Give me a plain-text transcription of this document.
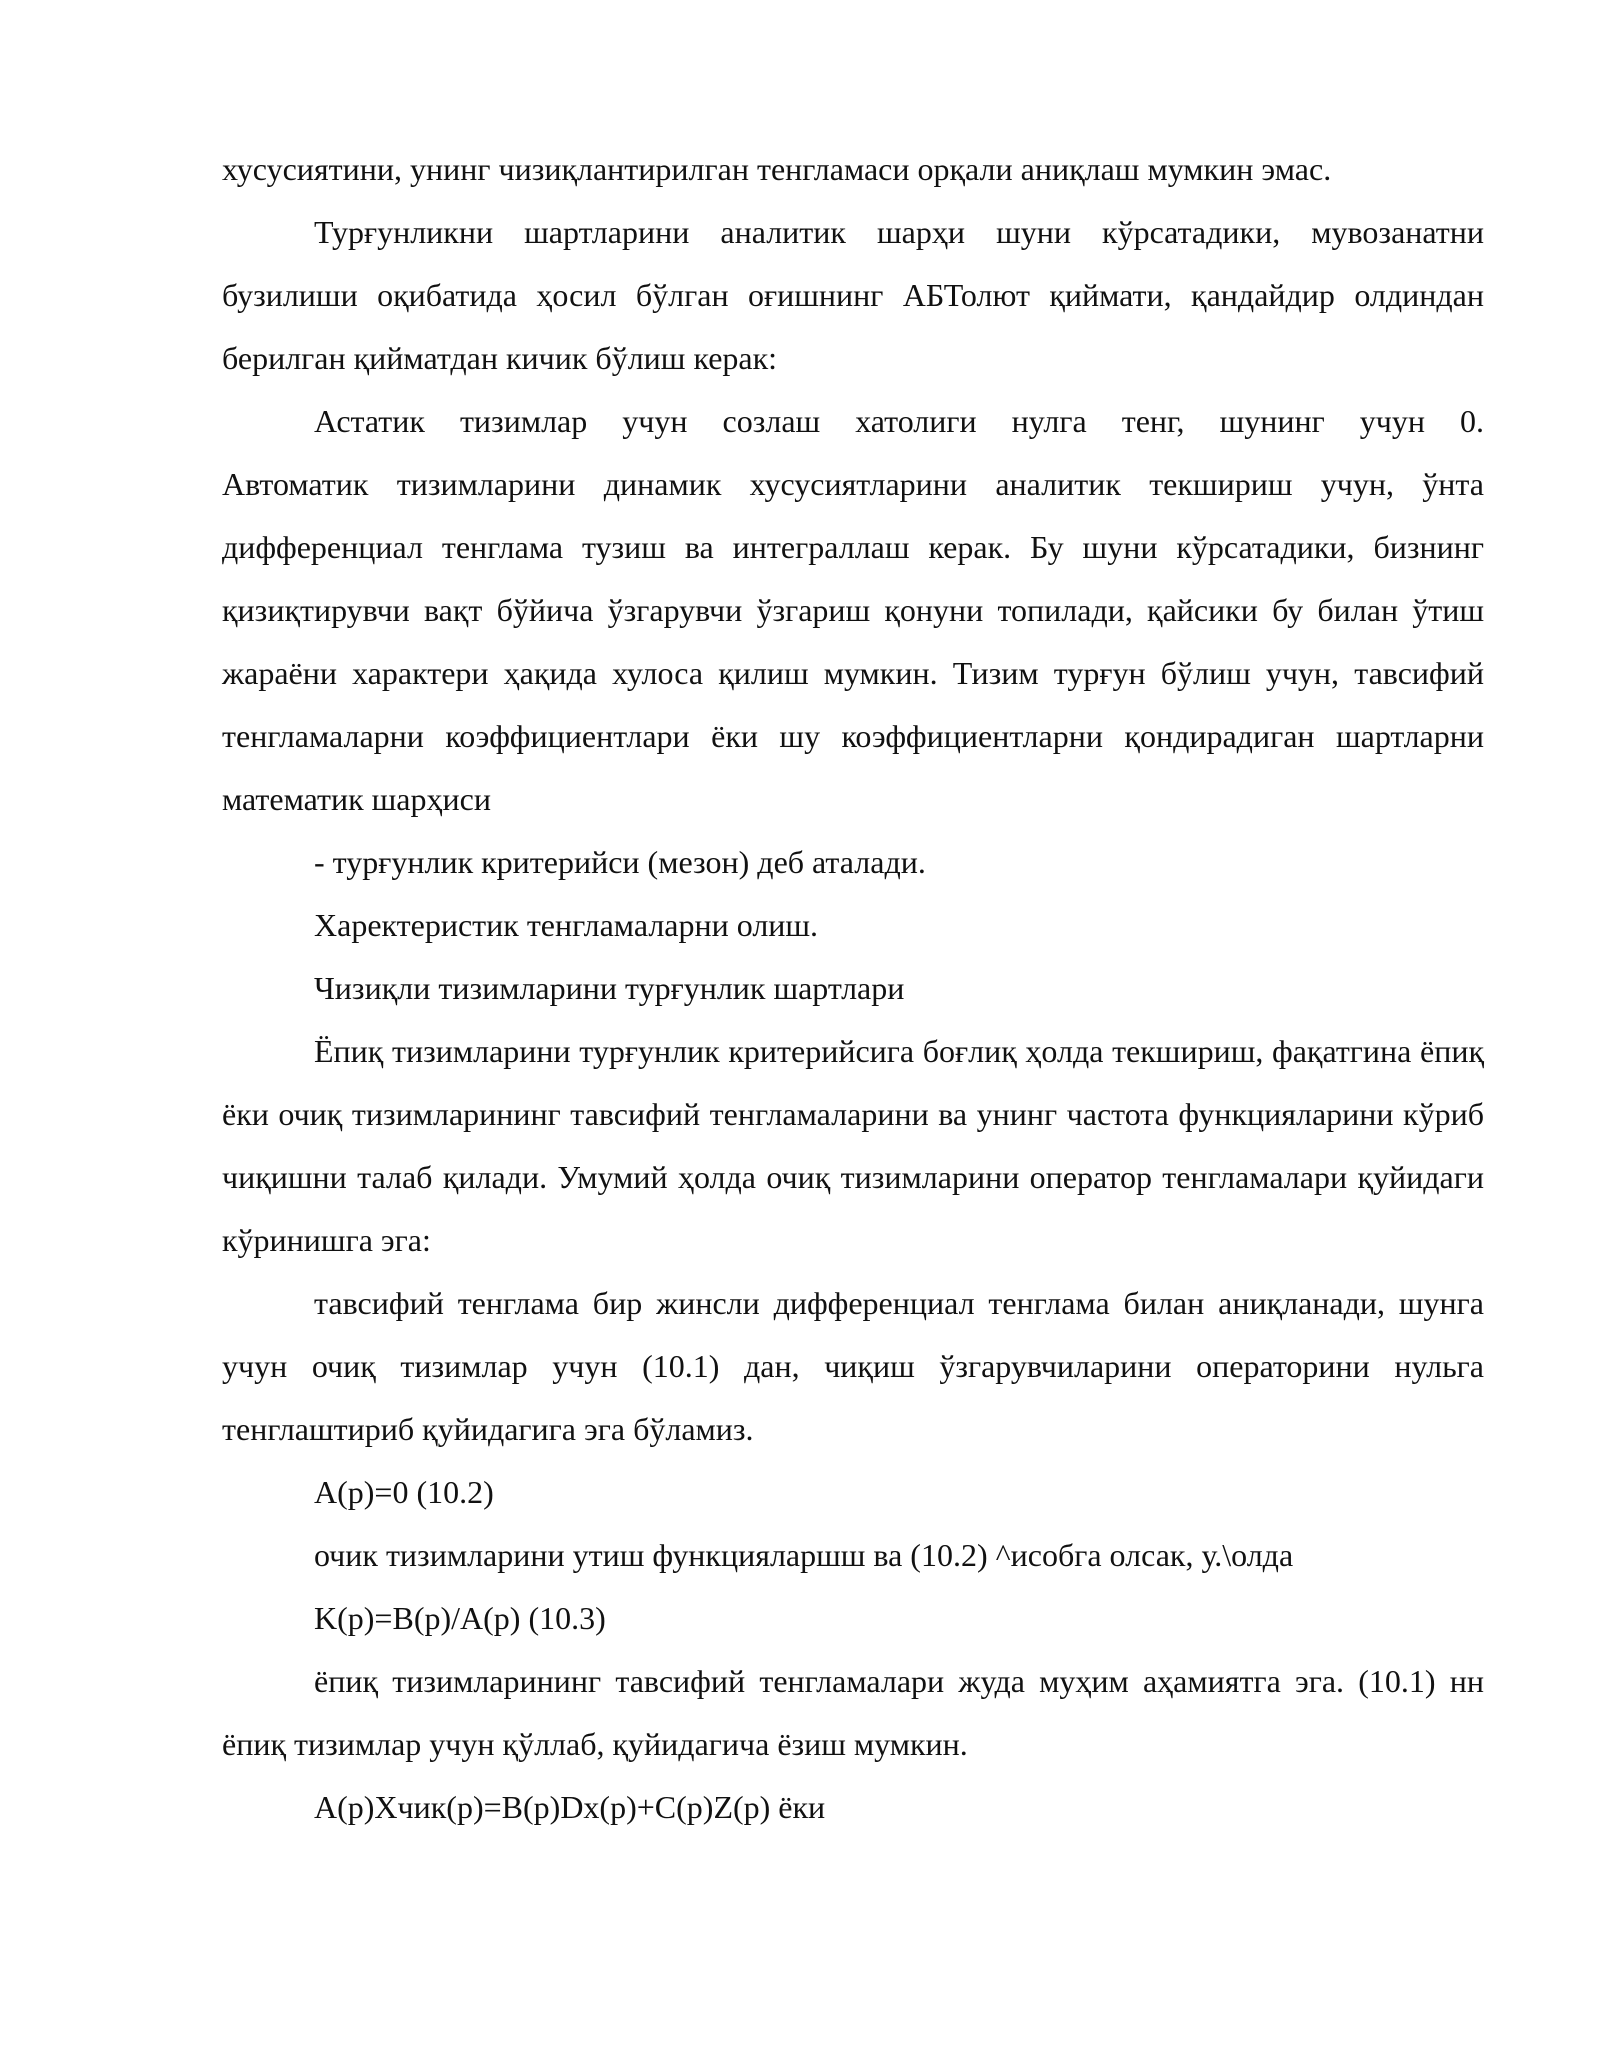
хусусиятини, унинг чизиқлантирилган тенгламаси орқали аниқлаш мумкин эмас.

Турғунликни шартларини аналитик шарҳи шуни кўрсатадики, мувозанатни бузилиши оқибатида ҳосил бўлган оғишнинг АБТолют қиймати, қандайдир олдиндан берилган қийматдан кичик бўлиш керак:

Астатик тизимлар учун созлаш хатолиги нулга тенг, шунинг учун 0.

Автоматик тизимларини динамик хусусиятларини аналитик текшириш учун, ўнта дифференциал тенглама тузиш ва интеграллаш керак. Бу шуни кўрсатадики, бизнинг қизиқтирувчи вақт бўйича ўзгарувчи ўзгариш қонуни топилади, қайсики бу билан ўтиш жараёни характери ҳақида хулоса қилиш мумкин. Тизим турғун бўлиш учун, тавсифий тенгламаларни коэффициентлари ёки шу коэффициентларни қондирадиган шартларни математик шарҳиси

- турғунлик критерийси (мезон) деб аталади.

Харектеристик тенгламаларни олиш.

Чизиқли тизимларини турғунлик шартлари

Ёпиқ тизимларини турғунлик критерийсига боғлиқ ҳолда текшириш, фақатгина ёпиқ ёки очиқ тизимларининг тавсифий тенгламаларини ва унинг частота функцияларини кўриб чиқишни талаб қилади. Умумий ҳолда очиқ тизимларини оператор тенгламалари қуйидаги кўринишга эга:

тавсифий тенглама бир жинсли дифференциал тенглама билан аниқланади, шунга учун очиқ тизимлар учун (10.1) дан, чиқиш ўзгарувчиларини операторини нульга тенглаштириб қуйидагига эга бўламиз.

A(p)=0 (10.2)

очик тизимларини утиш функцияларшш ва (10.2) ^исобга олсак, у.\олда

K(p)=B(p)/A(p) (10.3)

ёпиқ тизимларининг тавсифий тенгламалари жуда муҳим аҳамиятга эга. (10.1) нн ёпиқ тизимлар учун қўллаб, қуйидагича ёзиш мумкин.

A(p)Xчик(p)=B(p)Dx(p)+C(p)Z(p) ёки
